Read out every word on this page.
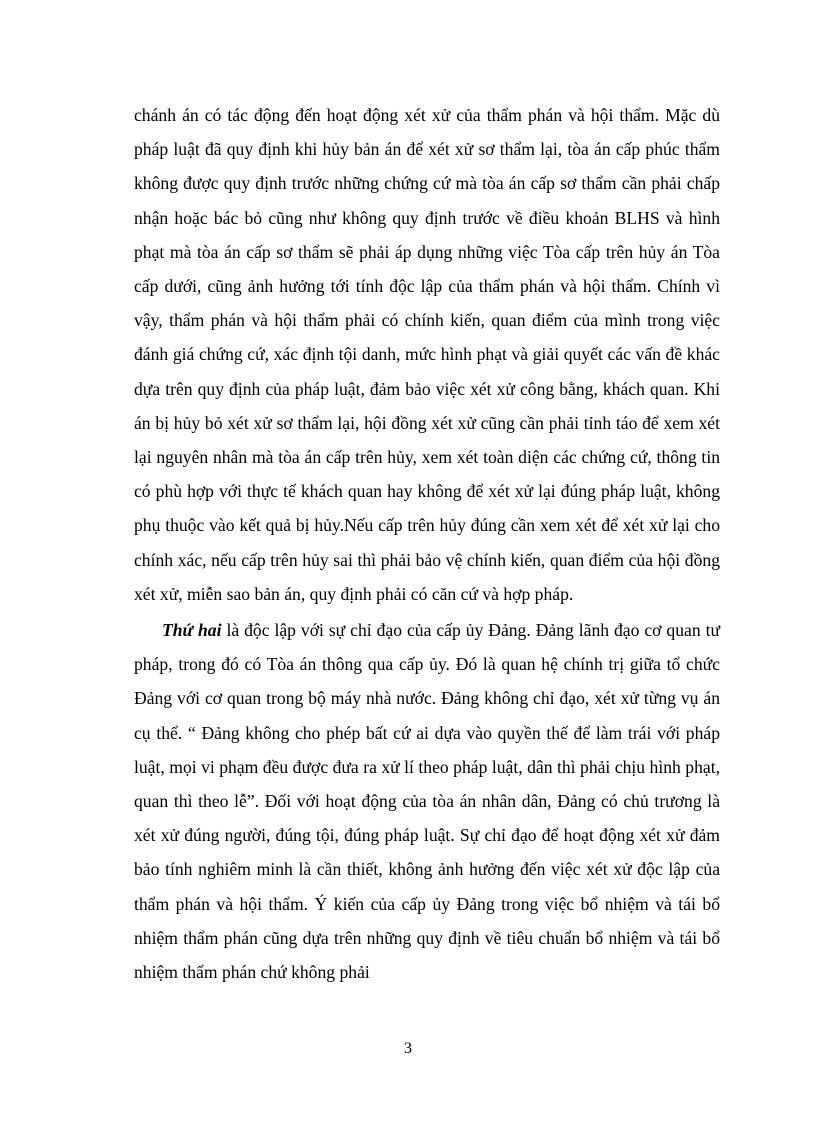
chánh án có tác động đến hoạt động xét xử của thẩm phán và hội thẩm. Mặc dù pháp luật đã quy định khi hủy bản án để xét xử sơ thẩm lại, tòa án cấp phúc thẩm không được quy định trước những chứng cứ mà tòa án cấp sơ thẩm cần phải chấp nhận hoặc bác bỏ cũng như không quy định trước về điều khoản BLHS và hình phạt mà tòa án cấp sơ thẩm sẽ phải áp dụng những việc Tòa cấp trên hủy án Tòa cấp dưới, cũng ảnh hưởng tới tính độc lập của thẩm phán và hội thẩm. Chính vì vậy, thẩm phán và hội thẩm phải có chính kiến, quan điểm của mình trong việc đánh giá chứng cứ, xác định tội danh, mức hình phạt và giải quyết các vấn đề khác dựa trên quy định của pháp luật, đảm bảo việc xét xử công bằng, khách quan. Khi án bị hủy bỏ xét xử sơ thẩm lại, hội đồng xét xử cũng cần phải tỉnh táo để xem xét lại nguyên nhân mà tòa án cấp trên hủy, xem xét toàn diện các chứng cứ, thông tin có phù hợp với thực tế khách quan hay không để xét xử lại đúng pháp luật, không phụ thuộc vào kết quả bị hủy.Nếu cấp trên hủy đúng cần xem xét để xét xử lại cho chính xác, nếu cấp trên hủy sai thì phải bảo vệ chính kiến, quan điểm của hội đồng xét xử, miễn sao bản án, quy định phải có căn cứ và hợp pháp.

Thứ hai là độc lập với sự chỉ đạo của cấp ủy Đảng. Đảng lãnh đạo cơ quan tư pháp, trong đó có Tòa án thông qua cấp ủy. Đó là quan hệ chính trị giữa tổ chức Đảng với cơ quan trong bộ máy nhà nước. Đảng không chỉ đạo, xét xử từng vụ án cụ thể. “ Đảng không cho phép bất cứ ai dựa vào quyền thế để làm trái với pháp luật, mọi vi phạm đều được đưa ra xử lí theo pháp luật, dân thì phải chịu hình phạt, quan thì theo lễ”. Đối với hoạt động của tòa án nhân dân, Đảng có chủ trương là xét xử đúng người, đúng tội, đúng pháp luật. Sự chỉ đạo để hoạt động xét xử đảm bảo tính nghiêm minh là cần thiết, không ảnh hưởng đến việc xét xử độc lập của thẩm phán và hội thẩm. Ý kiến của cấp ủy Đảng trong việc bổ nhiệm và tái bổ nhiệm thẩm phán cũng dựa trên những quy định về tiêu chuẩn bổ nhiệm và tái bổ nhiệm thẩm phán chứ không phải

3
